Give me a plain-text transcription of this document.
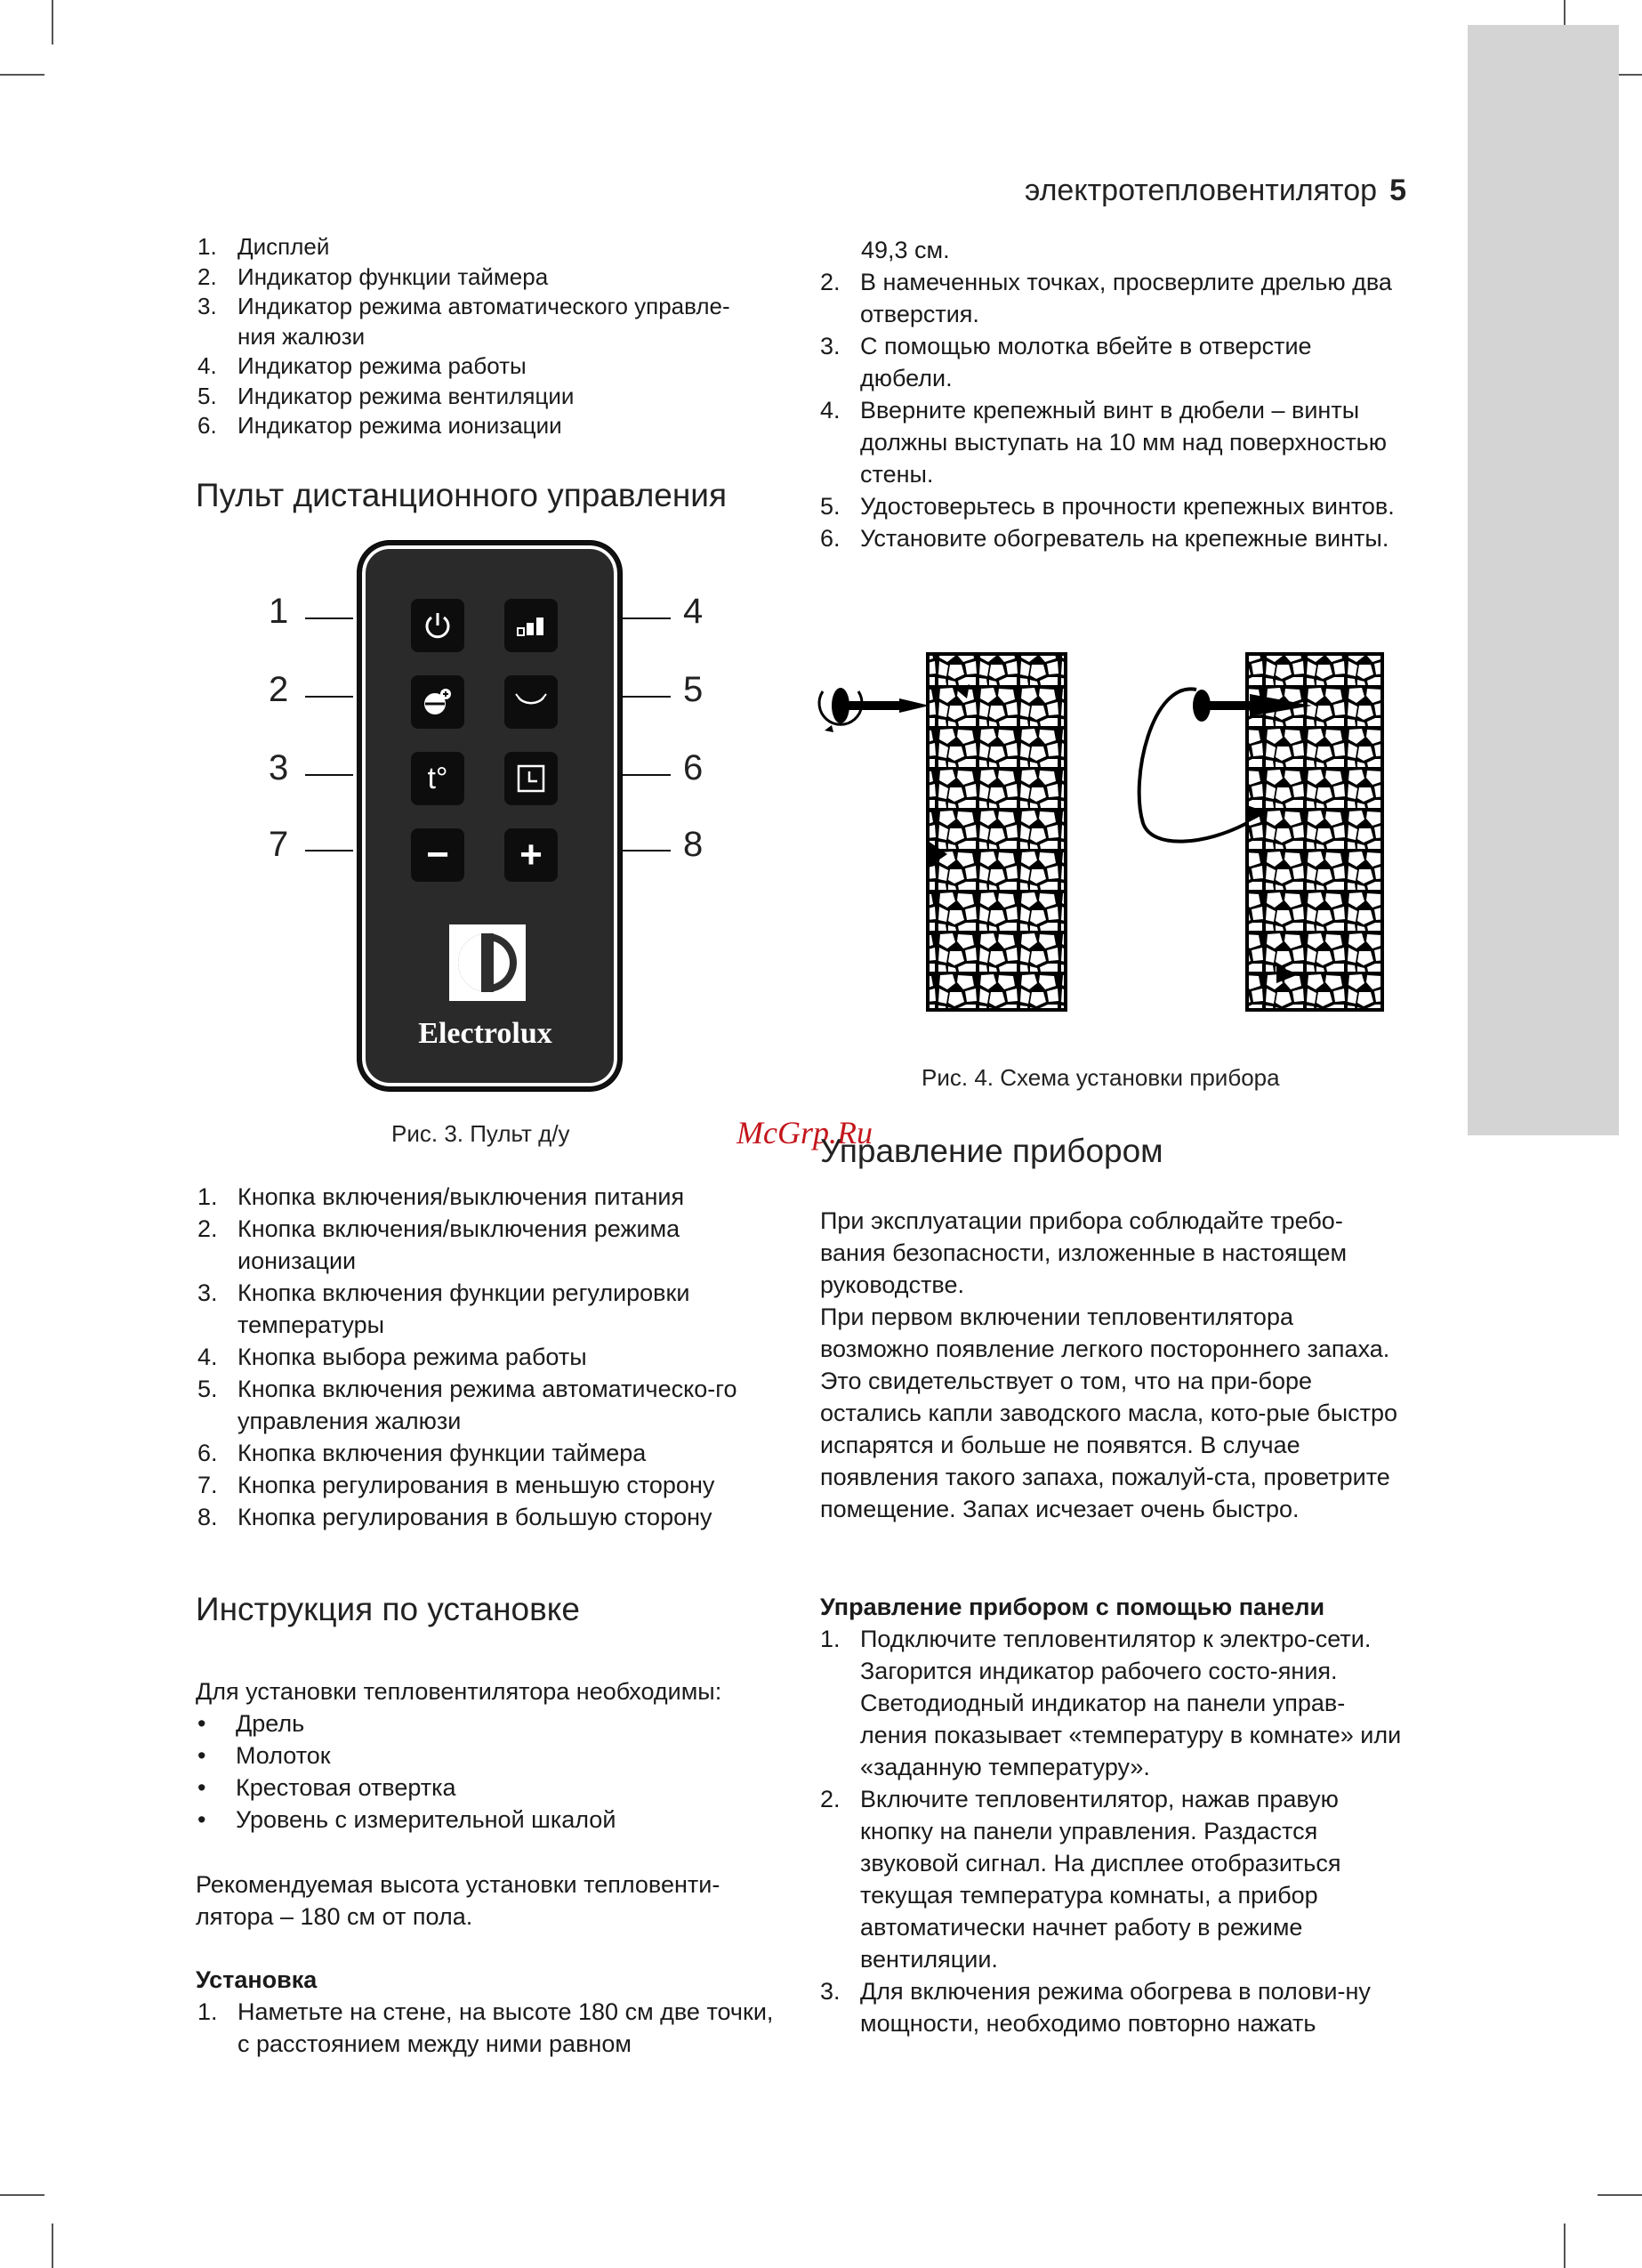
электротепловентилятор 5
1. Дисплей
2. Индикатор функции таймера
3. Индикатор режима автоматического управле-ния жалюзи
4. Индикатор режима работы
5. Индикатор режима вентиляции
6. Индикатор режима ионизации
Пульт дистанционного управления
t°
−	+
Electrolux
1
2
3
7
4
5
6
8
Рис. 3. Пульт д/у
1. Кнопка включения/выключения питания
2. Кнопка включения/выключения режима ионизации
3. Кнопка включения функции регулировки температуры
4. Кнопка выбора режима работы
5. Кнопка включения режима автоматическо-го управления жалюзи
6. Кнопка включения функции таймера
7. Кнопка регулирования в меньшую сторону
8. Кнопка регулирования в большую сторону
Инструкция по установке
Для установки тепловентилятора необходимы:
• Дрель
• Молоток
• Крестовая отвертка
• Уровень с измерительной шкалой
Рекомендуемая высота установки тепловенти-лятора – 180 см от пола.
Установка
1. Наметьте на стене, на высоте 180 см две точки, с расстоянием между ними равном
49,3 см.
2. В намеченных точках, просверлите дрелью два отверстия.
3. С помощью молотка вбейте в отверстие дюбели.
4. Вверните крепежный винт в дюбели – винты должны выступать на 10 мм над поверхностью стены.
5. Удостоверьтесь в прочности крепежных винтов.
6. Установите обогреватель на крепежные винты.
Рис. 4. Схема установки прибора
McGrp.Ru
Управление прибором

При эксплуатации прибора соблюдайте требо-вания безопасности, изложенные в настоящем руководстве.

При первом включении тепловентилятора возможно появление легкого постороннего запаха. Это свидетельствует о том, что на при-боре остались капли заводского масла, кото-рые быстро испарятся и больше не появятся. В случае появления такого запаха, пожалуй-ста, проветрите помещение. Запах исчезает очень быстро.

Управление прибором с помощью панели
1. Подключите тепловентилятор к электро-сети. Загорится индикатор рабочего состо-яния.
Светодиодный индикатор на панели управ-ления показывает «температуру в комнате» или «заданную температуру».
2. Включите тепловентилятор, нажав правую кнопку на панели управления. Раздастся звуковой сигнал. На дисплее отобразиться текущая температура комнаты, а прибор автоматически начнет работу в режиме вентиляции.
3. Для включения режима обогрева в полови-ну мощности, необходимо повторно нажать
